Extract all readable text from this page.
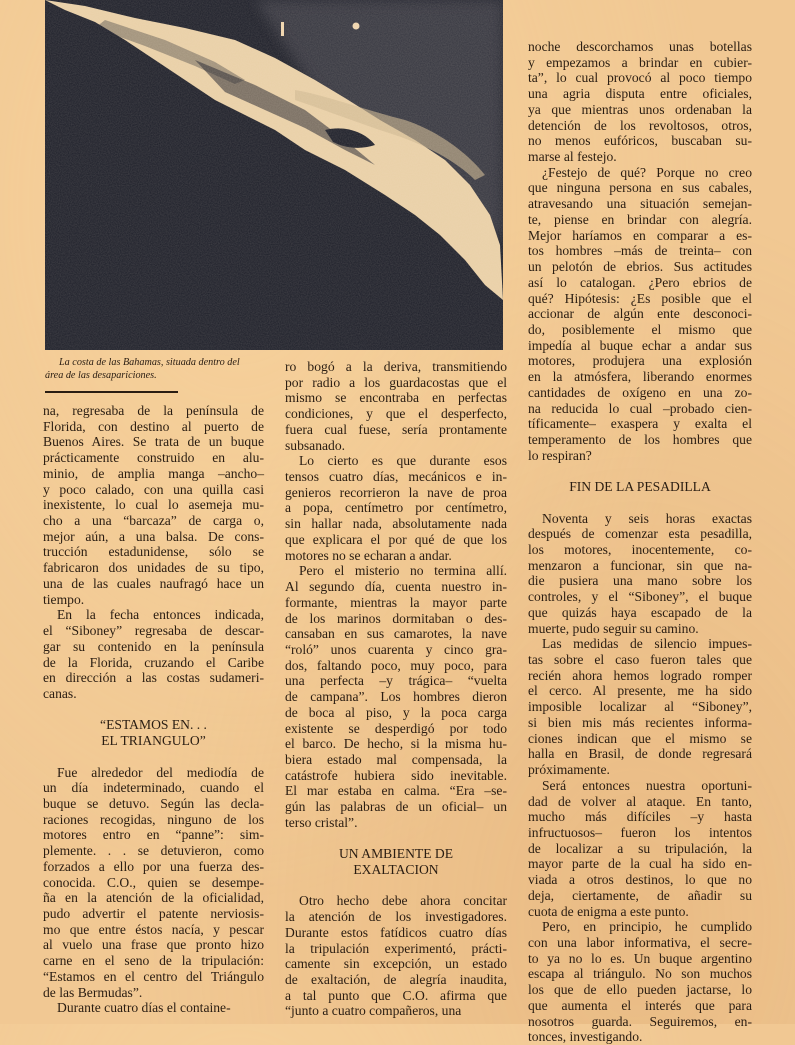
La costa de las Bahamas, situada dentro del
área de las desapariciones.
na, regresaba de la península de
Florida, con destino al puerto de
Buenos Aires. Se trata de un buque
prácticamente construido en alu-
minio, de amplia manga –ancho–
y poco calado, con una quilla casi
inexistente, lo cual lo asemeja mu-
cho a una “barcaza” de carga o,
mejor aún, a una balsa. De cons-
trucción estadunidense, sólo se
fabricaron dos unidades de su tipo,
una de las cuales naufragó hace un
tiempo.
En la fecha entonces indicada,
el “Siboney” regresaba de descar-
gar su contenido en la península
de la Florida, cruzando el Caribe
en dirección a las costas sudameri-
canas.
“ESTAMOS EN. . .
EL TRIANGULO”
Fue alrededor del mediodía de
un día indeterminado, cuando el
buque se detuvo. Según las decla-
raciones recogidas, ninguno de los
motores entro en “panne”: sim-
plemente. . . se detuvieron, como
forzados a ello por una fuerza des-
conocida. C.O., quien se desempe-
ña en la atención de la oficialidad,
pudo advertir el patente nerviosis-
mo que entre éstos nacía, y pescar
al vuelo una frase que pronto hizo
carne en el seno de la tripulación:
“Estamos en el centro del Triángulo
de las Bermudas”.
Durante cuatro días el containe-
ro bogó a la deriva, transmitiendo
por radio a los guardacostas que el
mismo se encontraba en perfectas
condiciones, y que el desperfecto,
fuera cual fuese, sería prontamente
subsanado.
Lo cierto es que durante esos
tensos cuatro días, mecánicos e in-
genieros recorrieron la nave de proa
a popa, centímetro por centímetro,
sin hallar nada, absolutamente nada
que explicara el por qué de que los
motores no se echaran a andar.
Pero el misterio no termina allí.
Al segundo día, cuenta nuestro in-
formante, mientras la mayor parte
de los marinos dormitaban o des-
cansaban en sus camarotes, la nave
“roló” unos cuarenta y cinco gra-
dos, faltando poco, muy poco, para
una perfecta –y trágica– “vuelta
de campana”. Los hombres dieron
de boca al piso, y la poca carga
existente se desperdigó por todo
el barco. De hecho, si la misma hu-
biera estado mal compensada, la
catástrofe hubiera sido inevitable.
El mar estaba en calma. “Era –se-
gún las palabras de un oficial– un
terso cristal”.
UN AMBIENTE DE
EXALTACION
Otro hecho debe ahora concitar
la atención de los investigadores.
Durante estos fatídicos cuatro días
la tripulación experimentó, prácti-
camente sin excepción, un estado
de exaltación, de alegría inaudita,
a tal punto que C.O. afirma que
“junto a cuatro compañeros, una
noche descorchamos unas botellas
y empezamos a brindar en cubier-
ta”, lo cual provocó al poco tiempo
una agria disputa entre oficiales,
ya que mientras unos ordenaban la
detención de los revoltosos, otros,
no menos eufóricos, buscaban su-
marse al festejo.
¿Festejo de qué? Porque no creo
que ninguna persona en sus cabales,
atravesando una situación semejan-
te, piense en brindar con alegría.
Mejor haríamos en comparar a es-
tos hombres –más de treinta– con
un pelotón de ebrios. Sus actitudes
así lo catalogan. ¿Pero ebrios de
qué? Hipótesis: ¿Es posible que el
accionar de algún ente desconoci-
do, posiblemente el mismo que
impedía al buque echar a andar sus
motores, produjera una explosión
en la atmósfera, liberando enormes
cantidades de oxígeno en una zo-
na reducida lo cual –probado cien-
tíficamente– exaspera y exalta el
temperamento de los hombres que
lo respiran?
FIN DE LA PESADILLA
Noventa y seis horas exactas
después de comenzar esta pesadilla,
los motores, inocentemente, co-
menzaron a funcionar, sin que na-
die pusiera una mano sobre los
controles, y el “Siboney”, el buque
que quizás haya escapado de la
muerte, pudo seguir su camino.
Las medidas de silencio impues-
tas sobre el caso fueron tales que
recién ahora hemos logrado romper
el cerco. Al presente, me ha sido
imposible localizar al “Siboney”,
si bien mis más recientes informa-
ciones indican que el mismo se
halla en Brasil, de donde regresará
próximamente.
Será entonces nuestra oportuni-
dad de volver al ataque. En tanto,
mucho más difíciles –y hasta
infructuosos– fueron los intentos
de localizar a su tripulación, la
mayor parte de la cual ha sido en-
viada a otros destinos, lo que no
deja, ciertamente, de añadir su
cuota de enigma a este punto.
Pero, en principio, he cumplido
con una labor informativa, el secre-
to ya no lo es. Un buque argentino
escapa al triángulo. No son muchos
los que de ello pueden jactarse, lo
que aumenta el interés que para
nosotros guarda. Seguiremos, en-
tonces, investigando.
